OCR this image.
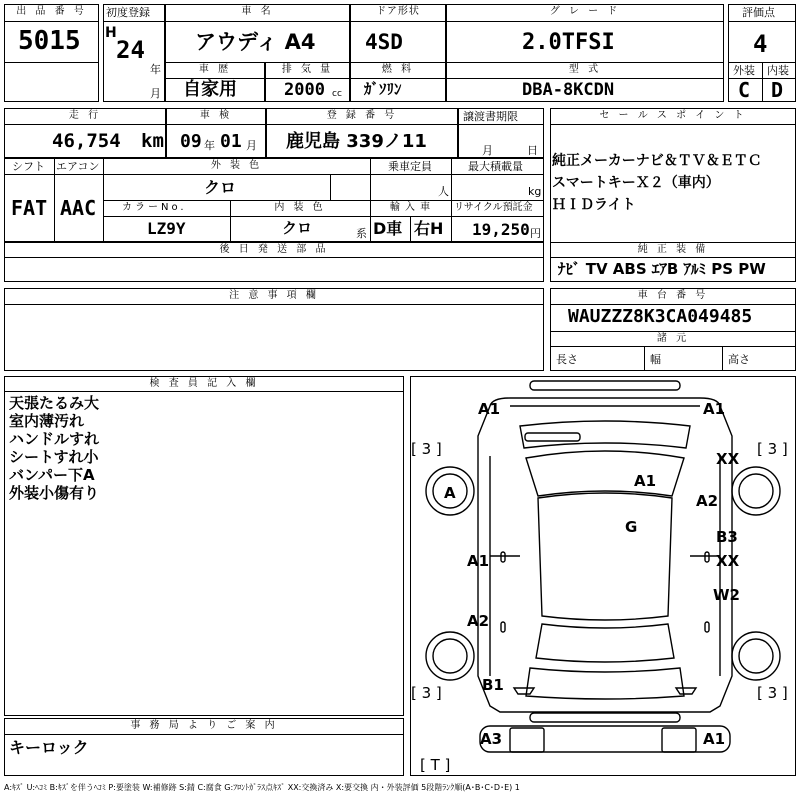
出 品 番 号
5015
初度登録
H
24
年
月
車 名
アウディ A4
ドア形状
4SD
グ レ ー ド
2.0TFSI
評価点
4
外装 内装
C D
車 歴
自家用
排 気 量
2000 cc
燃 料
ｶﾞｿﾘﾝ
型 式
DBA-8KCDN
走 行
46,754 km
車 検
09 年 01 月
登 録 番 号
鹿児島 339ノ11
譲渡書期限
月	日
シフト エアコン
FAT AAC
外 装 色
クロ
乗車定員
人
最大積載量
kg
カラーNo.	内 装 色	輸 入 車	リサイクル預託金
LZ9Y	クロ	系 D車 右H 19,250 円
後 日 発 送 部 品
セ ー ル ス ポ イ ン ト
純正メーカーナビ＆ＴＶ＆ＥＴＣ
スマートキーＸ２（車内）
ＨＩＤライト
純 正 装 備
ﾅﾋﾞ TV ABS ｴｱB ｱﾙﾐ PS PW
注 意 事 項 欄	車 台 番 号
WAUZZZ8K3CA049485
諸 元
長さ	幅	高さ
検 査 員 記 入 欄
天張たるみ大
室内薄汚れ
ハンドルすれ
シートすれ小
バンパー下A
外装小傷有り
事 務 局 よ り ご 案 内
キーロック
A1	A1
[ 3 ]	[ 3 ]
A
A1
XX
A2
G
A1
B3
XX
A2
W2
[ 3 ]	[ 3 ]
B1
A3	A1
[ T ]
A:ｷｽﾞ U:ﾍｺﾐ B:ｷｽﾞを伴うﾍｺﾐ P:要塗装 W:補修跡 S:錆 C:腐食 G:ﾌﾛﾝﾄｶﾞﾗｽ点ｷｽﾞ XX:交換済み X:要交換 内・外装評価 5段階ﾗﾝｸ順(A･B･C･D･E) 1
